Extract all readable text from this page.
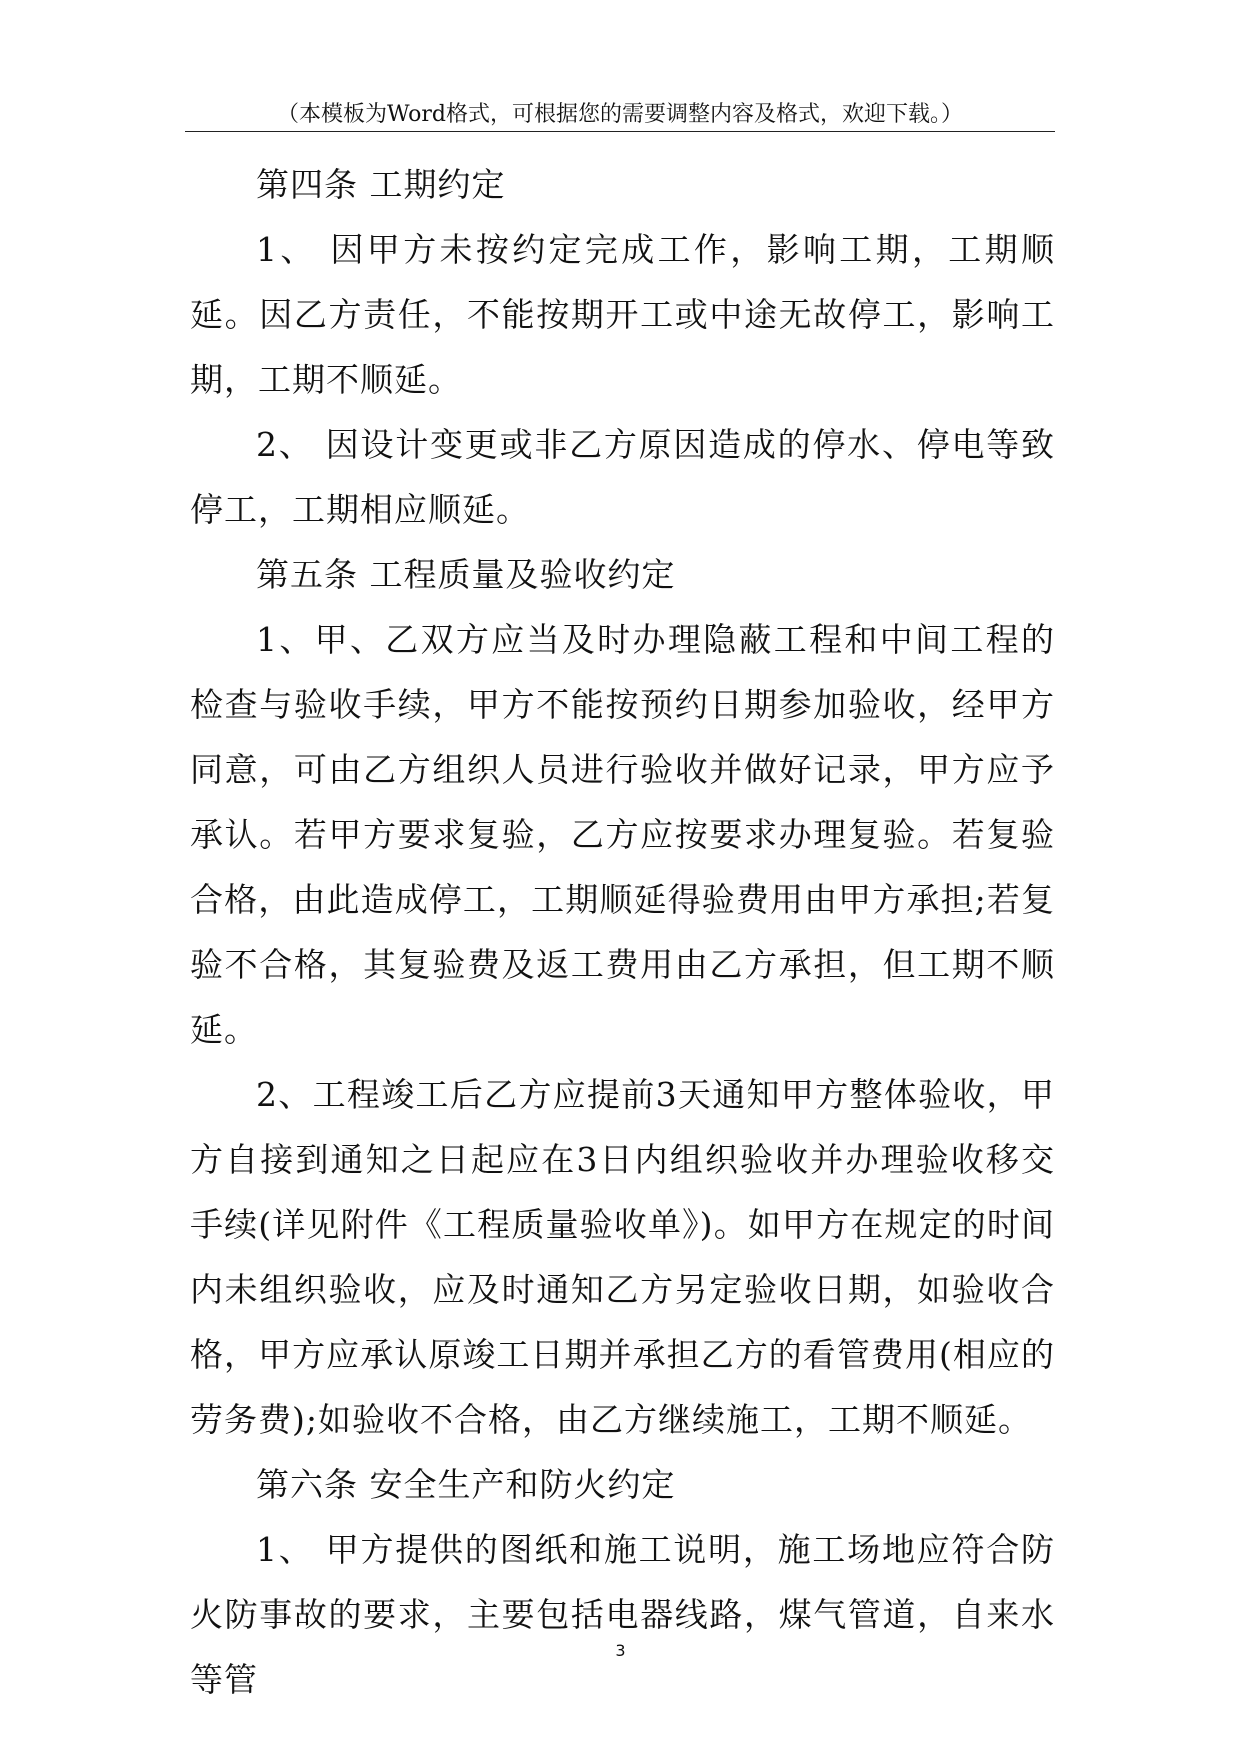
（本模板为Word格式，可根据您的需要调整内容及格式，欢迎下载。）

第四条 工期约定

1、 因甲方未按约定完成工作，影响工期，工期顺延。因乙方责任，不能按期开工或中途无故停工，影响工期，工期不顺延。

2、 因设计变更或非乙方原因造成的停水、停电等致停工，工期相应顺延。

第五条 工程质量及验收约定

1、甲、乙双方应当及时办理隐蔽工程和中间工程的检查与验收手续，甲方不能按预约日期参加验收，经甲方同意，可由乙方组织人员进行验收并做好记录，甲方应予承认。若甲方要求复验，乙方应按要求办理复验。若复验合格，由此造成停工，工期顺延得验费用由甲方承担;若复验不合格，其复验费及返工费用由乙方承担，但工期不顺延。

2、工程竣工后乙方应提前3天通知甲方整体验收，甲方自接到通知之日起应在3日内组织验收并办理验收移交手续(详见附件《工程质量验收单》)。如甲方在规定的时间内未组织验收，应及时通知乙方另定验收日期，如验收合格，甲方应承认原竣工日期并承担乙方的看管费用(相应的劳务费);如验收不合格，由乙方继续施工，工期不顺延。

第六条 安全生产和防火约定

1、 甲方提供的图纸和施工说明，施工场地应符合防火防事故的要求，主要包括电器线路，煤气管道，自来水等管

3
